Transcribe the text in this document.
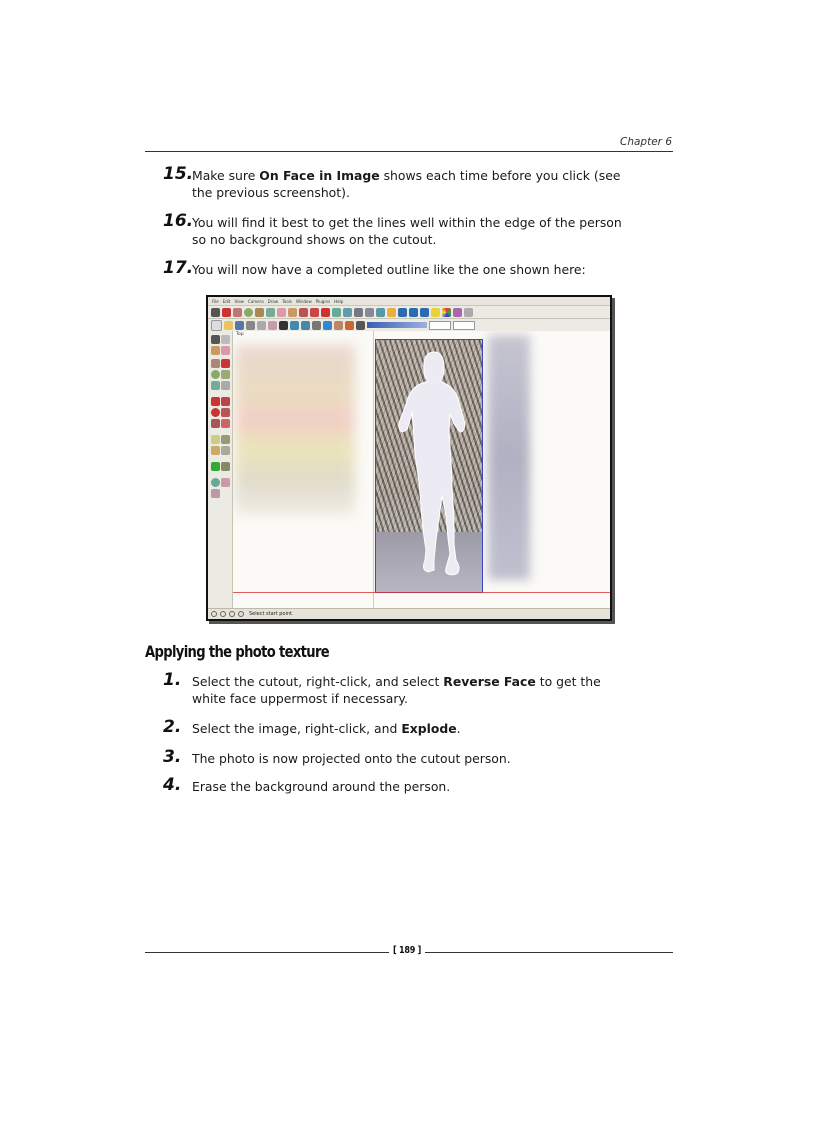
Chapter 6
15.
Make sure On Face in Image shows each time before you click (see the previous screenshot).
16.
You will find it best to get the lines well within the edge of the person so no background shows on the cutout.
17.
You will now have a completed outline like the one shown here:
File Edit View Camera Draw Tools Window Plugins Help
Top
Select start point.
Applying the photo texture
1. Select the cutout, right-click, and select Reverse Face to get the white face uppermost if necessary.
2. Select the image, right-click, and Explode.
3. The photo is now projected onto the cutout person.
4. Erase the background around the person.
[ 189 ]
